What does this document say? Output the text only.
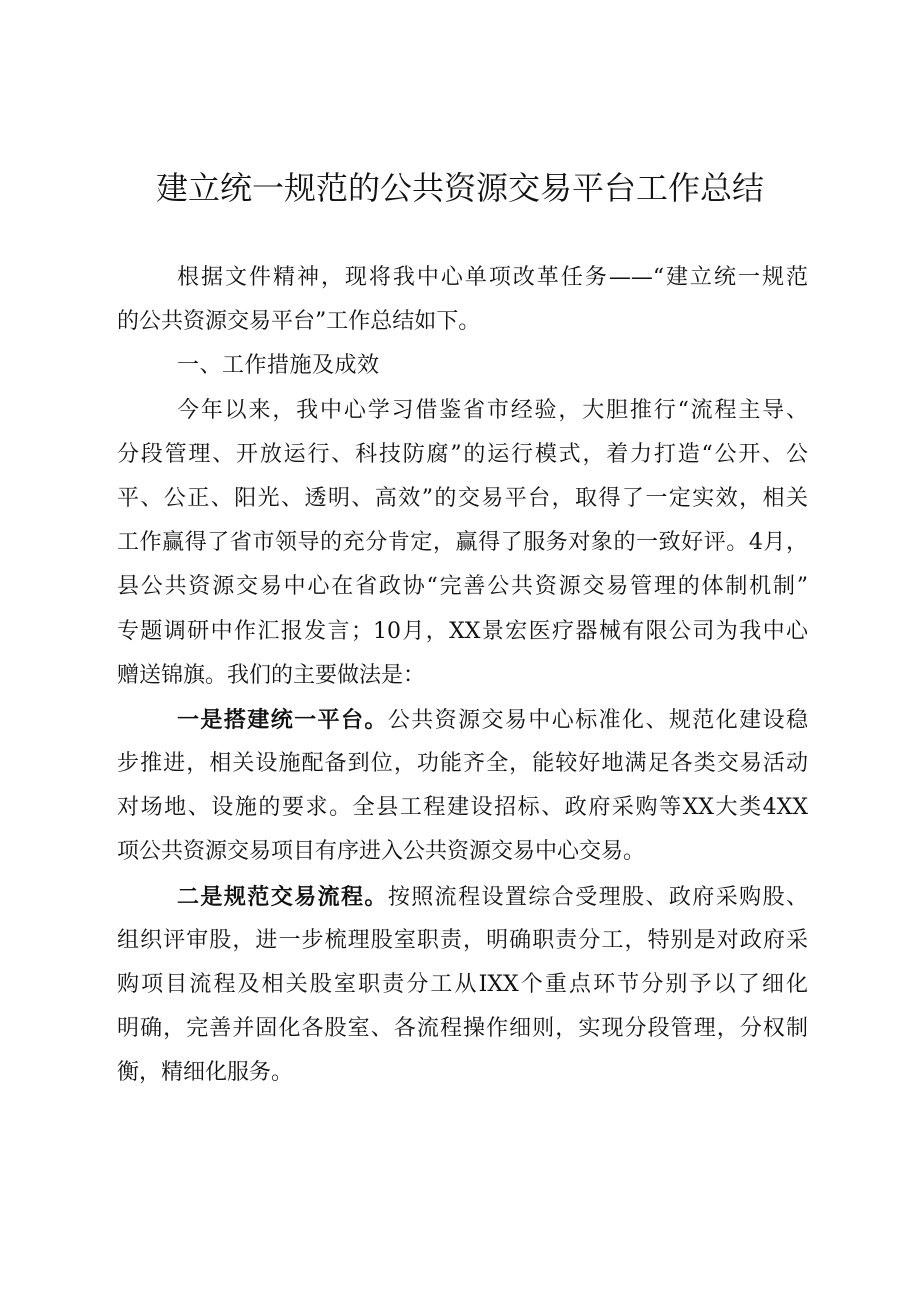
建立统一规范的公共资源交易平台工作总结
根据文件精神，现将我中心单项改革任务——“建立统一规范
的公共资源交易平台”工作总结如下。
一、工作措施及成效
今年以来，我中心学习借鉴省市经验，大胆推行“流程主导、
分段管理、开放运行、科技防腐”的运行模式，着力打造“公开、公
平、公正、阳光、透明、高效”的交易平台，取得了一定实效，相关
工作赢得了省市领导的充分肯定，赢得了服务对象的一致好评。4月，
县公共资源交易中心在省政协“完善公共资源交易管理的体制机制”
专题调研中作汇报发言；10月，XX景宏医疗器械有限公司为我中心
赠送锦旗。我们的主要做法是：
一是搭建统一平台。公共资源交易中心标准化、规范化建设稳
步推进，相关设施配备到位，功能齐全，能较好地满足各类交易活动
对场地、设施的要求。全县工程建设招标、政府采购等XX大类4XX
项公共资源交易项目有序进入公共资源交易中心交易。
二是规范交易流程。按照流程设置综合受理股、政府采购股、
组织评审股，进一步梳理股室职责，明确职责分工，特别是对政府采
购项目流程及相关股室职责分工从IXX个重点环节分别予以了细化
明确，完善并固化各股室、各流程操作细则，实现分段管理，分权制
衡，精细化服务。
